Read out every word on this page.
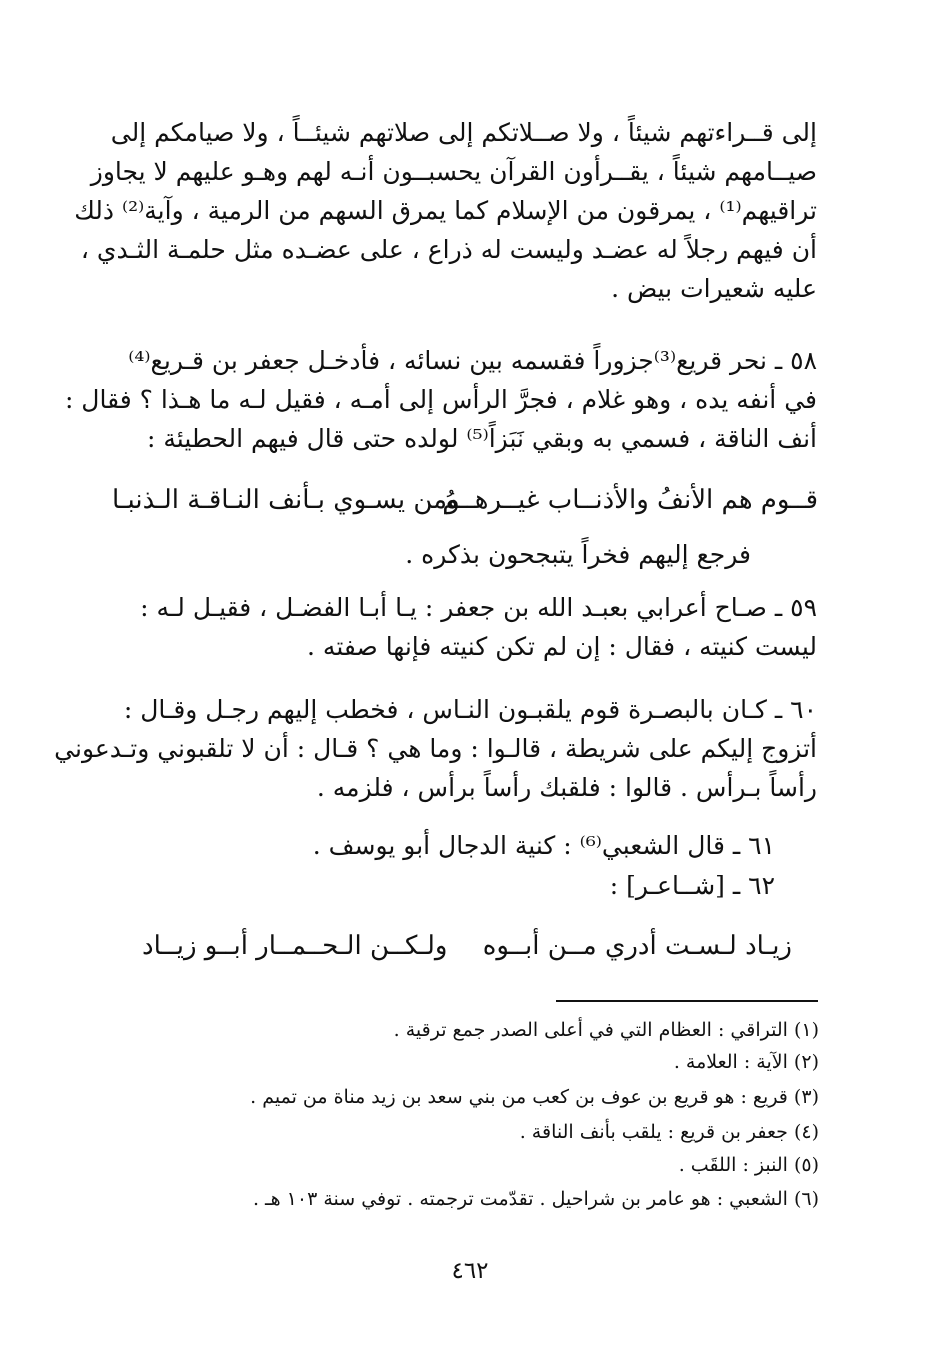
إلى قــراءتهم شيئاً ، ولا صــلاتكم إلى صلاتهم شيئــاً ، ولا صيامكم إلى
صيــامهم شيئاً ، يقــرأون القرآن يحسبــون أنـه لهم وهـو عليهم لا يجاوز
تراقيهم⁽¹⁾ ، يمرقون من الإسلام كما يمرق السهم من الرمية ، وآية⁽²⁾ ذلك
أن فيهم رجلاً له عضـد وليست له ذراع ، على عضـده مثل حلمـة الثـدي ،
عليه شعيرات بيض .
٥٨ ـ نحر قريع⁽³⁾جزوراً فقسمه بين نسائه ، فأدخـل جعفر بن قـريع⁽⁴⁾
في أنفه يده ، وهو غلام ، فجرَّ الرأس إلى أمـه ، فقيل لـه ما هـذا ؟ فقال :
أنف الناقة ، فسمي به وبقي نَبَزاً⁽⁵⁾ لولده حتى قال فيهم الحطيئة :
قــوم هم الأنفُ والأذنــاب غيــرهــمُ
ومن يسـوي بـأنف النـاقـة الـذنبـا
فرجع إليهم فخراً يتبجحون بذكره .
٥٩ ـ صـاح أعرابي بعبـد الله بن جعفر : يـا أبـا الفضـل ، فقيـل لـه :
ليست كنيته ، فقال : إن لم تكن كنيته فإنها صفته .
٦٠ ـ كـان بالبصـرة قوم يلقبـون النـاس ، فخطب إليهم رجـل وقـال :
أتزوج إليكم على شريطة ، قالـوا : وما هي ؟ قـال : أن لا تلقبوني وتـدعوني
رأساً بـرأس . قالوا : فلقبك رأساً برأس ، فلزمه .
٦١ ـ قال الشعبي⁽⁶⁾ : كنية الدجال أبو يوسف .
٦٢ ـ [شــاعـر] :
زيـاد لـسـت أدري مــن أبــوه
ولـكــن الـحــمــار أبــو زيــاد
(١) التراقي : العظام التي في أعلى الصدر جمع ترقية .
(٢) الآية : العلامة .
(٣) قريع : هو قريع بن عوف بن كعب من بني سعد بن زيد مناة من تميم .
(٤) جعفر بن قريع : يلقب بأنف الناقة .
(٥) النبز : اللقَب .
(٦) الشعبي : هو عامر بن شراحيل . تقدّمت ترجمته . توفي سنة ١٠٣ هـ .
٤٦٢
